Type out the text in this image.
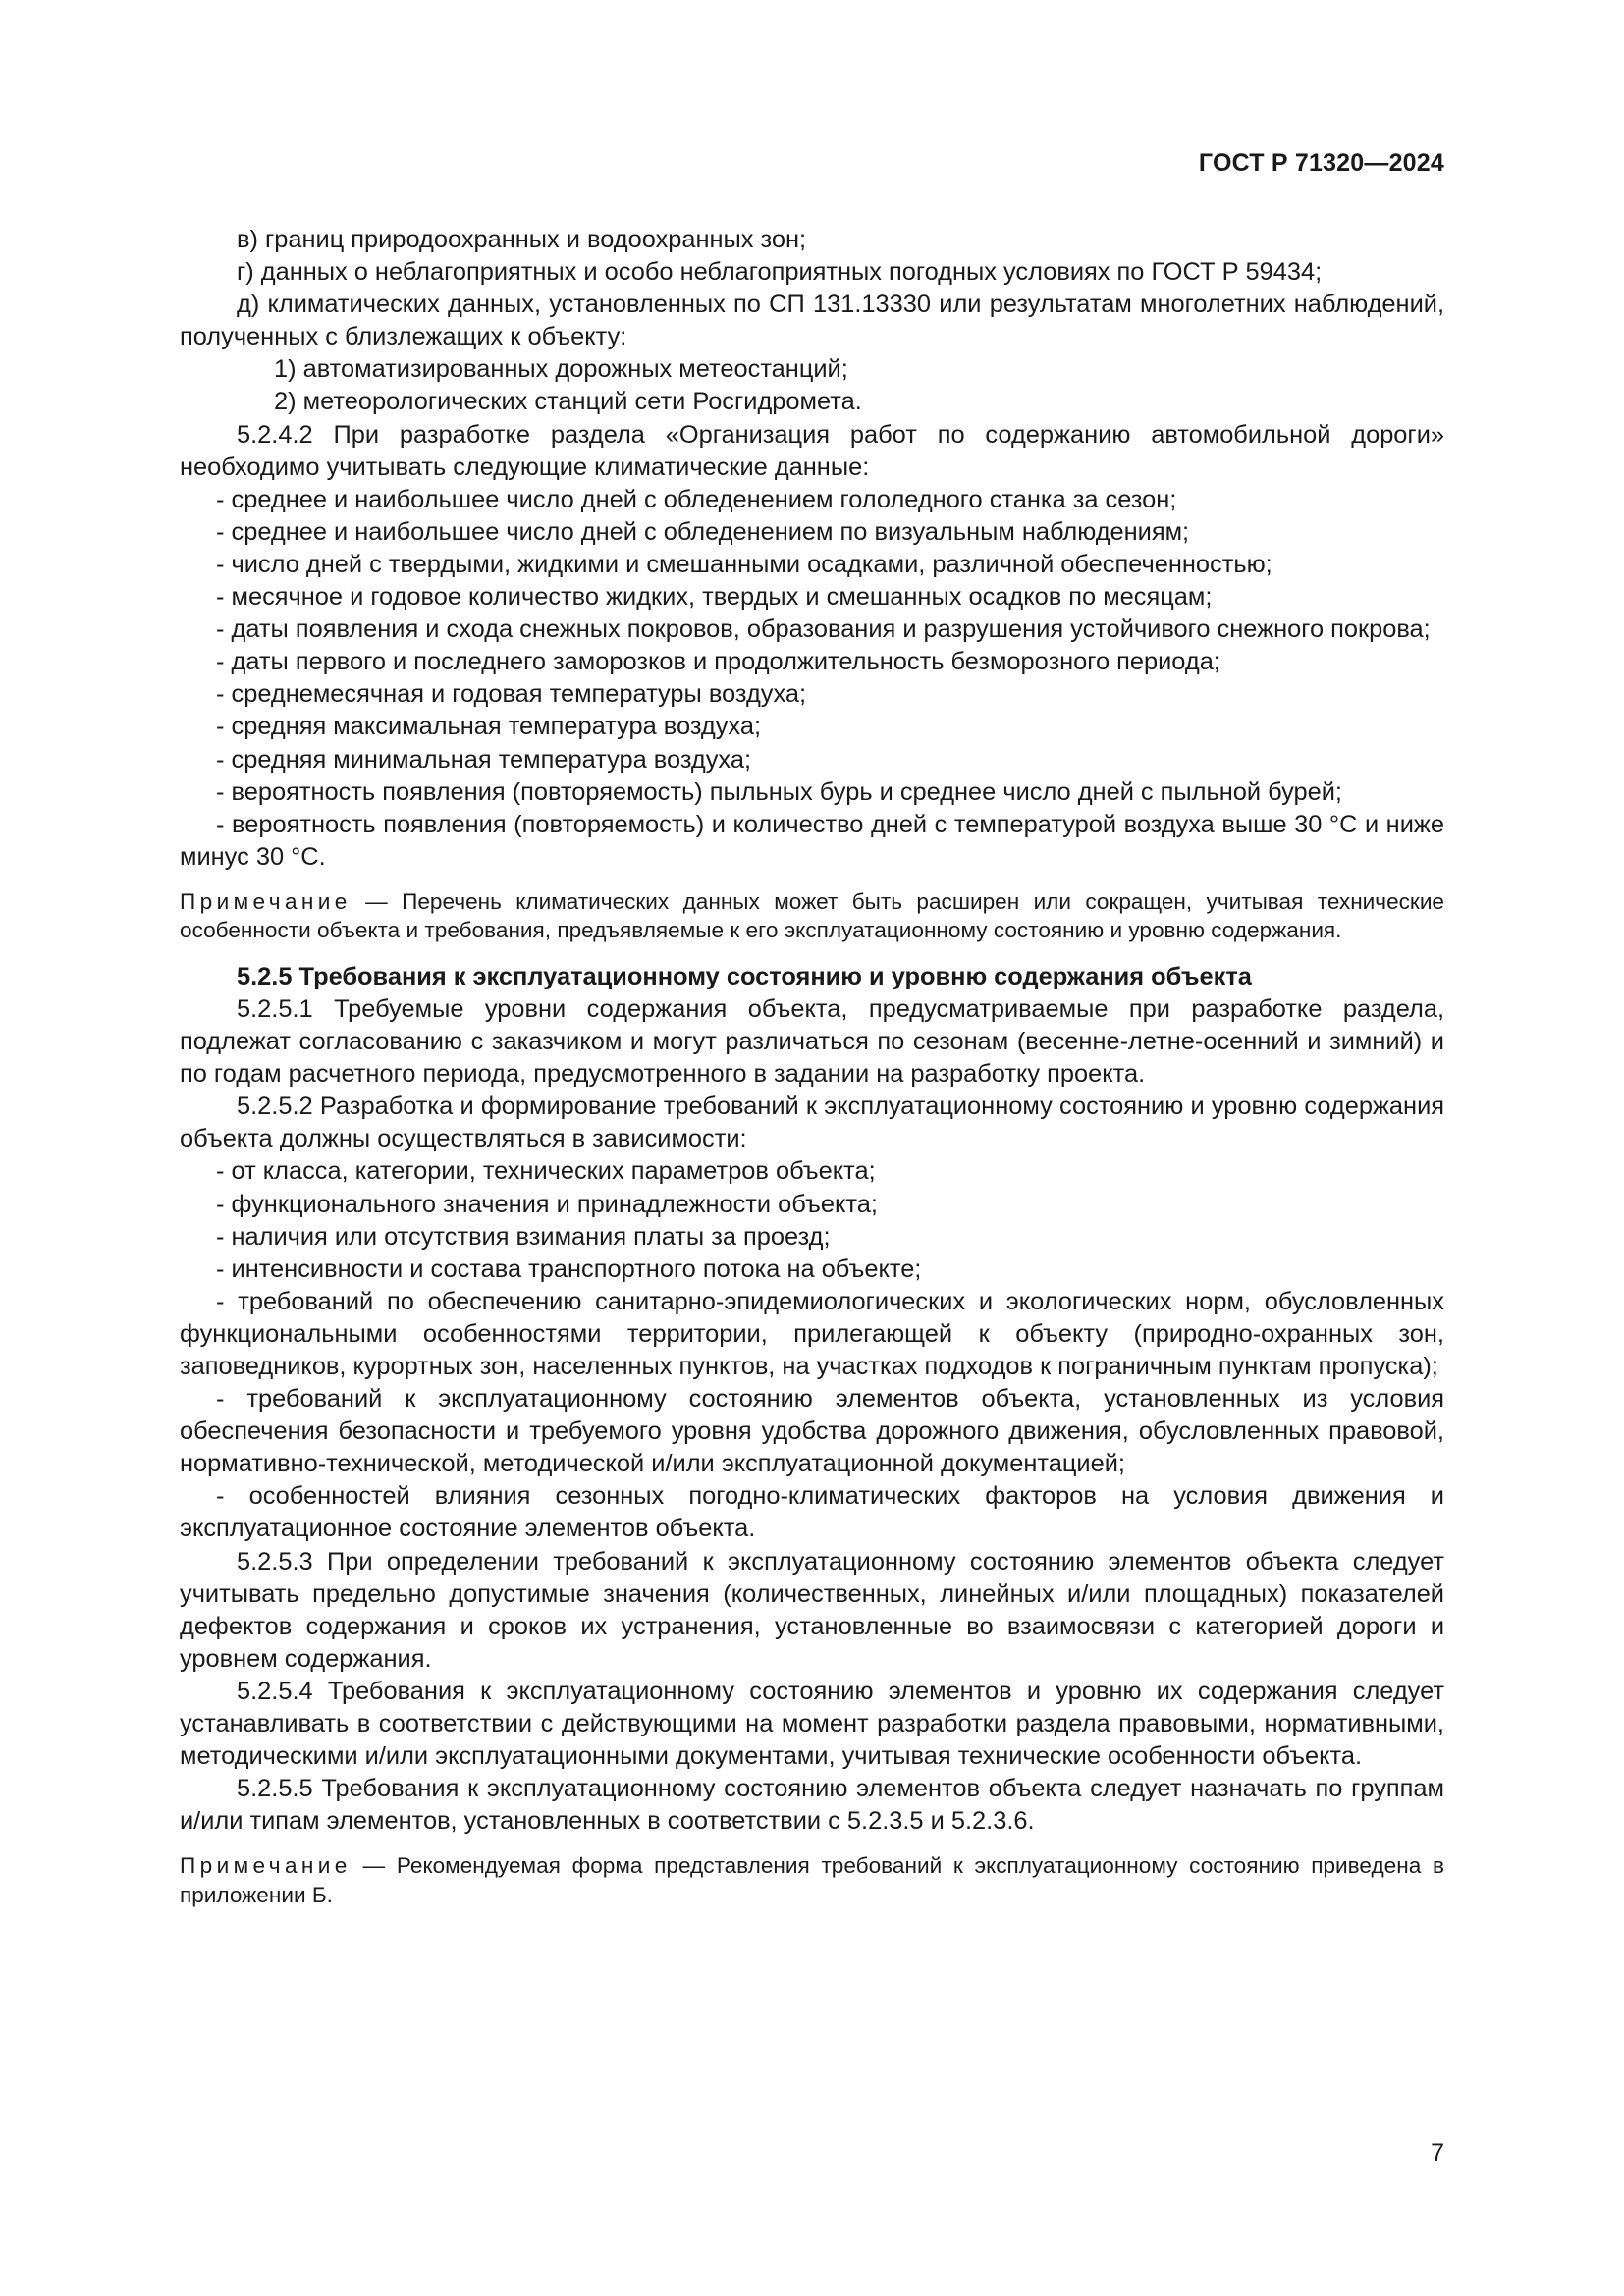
ГОСТ Р 71320—2024

в) границ природоохранных и водоохранных зон;

г) данных о неблагоприятных и особо неблагоприятных погодных условиях по ГОСТ Р 59434;

д) климатических данных, установленных по СП 131.13330 или результатам многолетних наблюдений, полученных с близлежащих к объекту:

1) автоматизированных дорожных метеостанций;

2) метеорологических станций сети Росгидромета.

5.2.4.2 При разработке раздела «Организация работ по содержанию автомобильной дороги» необходимо учитывать следующие климатические данные:

- среднее и наибольшее число дней с обледенением гололедного станка за сезон;

- среднее и наибольшее число дней с обледенением по визуальным наблюдениям;

- число дней с твердыми, жидкими и смешанными осадками, различной обеспеченностью;

- месячное и годовое количество жидких, твердых и смешанных осадков по месяцам;

- даты появления и схода снежных покровов, образования и разрушения устойчивого снежного покрова;

- даты первого и последнего заморозков и продолжительность безморозного периода;

- среднемесячная и годовая температуры воздуха;

- средняя максимальная температура воздуха;

- средняя минимальная температура воздуха;

- вероятность появления (повторяемость) пыльных бурь и среднее число дней с пыльной бурей;

- вероятность появления (повторяемость) и количество дней с температурой воздуха выше 30 °С и ниже минус 30 °С.

Примечание — Перечень климатических данных может быть расширен или сокращен, учитывая технические особенности объекта и требования, предъявляемые к его эксплуатационному состоянию и уровню содержания.

5.2.5 Требования к эксплуатационному состоянию и уровню содержания объекта

5.2.5.1 Требуемые уровни содержания объекта, предусматриваемые при разработке раздела, подлежат согласованию с заказчиком и могут различаться по сезонам (весенне-летне-осенний и зимний) и по годам расчетного периода, предусмотренного в задании на разработку проекта.

5.2.5.2 Разработка и формирование требований к эксплуатационному состоянию и уровню содержания объекта должны осуществляться в зависимости:

- от класса, категории, технических параметров объекта;

- функционального значения и принадлежности объекта;

- наличия или отсутствия взимания платы за проезд;

- интенсивности и состава транспортного потока на объекте;

- требований по обеспечению санитарно-эпидемиологических и экологических норм, обусловленных функциональными особенностями территории, прилегающей к объекту (природно-охранных зон, заповедников, курортных зон, населенных пунктов, на участках подходов к пограничным пунктам пропуска);

- требований к эксплуатационному состоянию элементов объекта, установленных из условия обеспечения безопасности и требуемого уровня удобства дорожного движения, обусловленных правовой, нормативно-технической, методической и/или эксплуатационной документацией;

- особенностей влияния сезонных погодно-климатических факторов на условия движения и эксплуатационное состояние элементов объекта.

5.2.5.3 При определении требований к эксплуатационному состоянию элементов объекта следует учитывать предельно допустимые значения (количественных, линейных и/или площадных) показателей дефектов содержания и сроков их устранения, установленные во взаимосвязи с категорией дороги и уровнем содержания.

5.2.5.4 Требования к эксплуатационному состоянию элементов и уровню их содержания следует устанавливать в соответствии с действующими на момент разработки раздела правовыми, нормативными, методическими и/или эксплуатационными документами, учитывая технические особенности объекта.

5.2.5.5 Требования к эксплуатационному состоянию элементов объекта следует назначать по группам и/или типам элементов, установленных в соответствии с 5.2.3.5 и 5.2.3.6.

Примечание — Рекомендуемая форма представления требований к эксплуатационному состоянию приведена в приложении Б.

7
